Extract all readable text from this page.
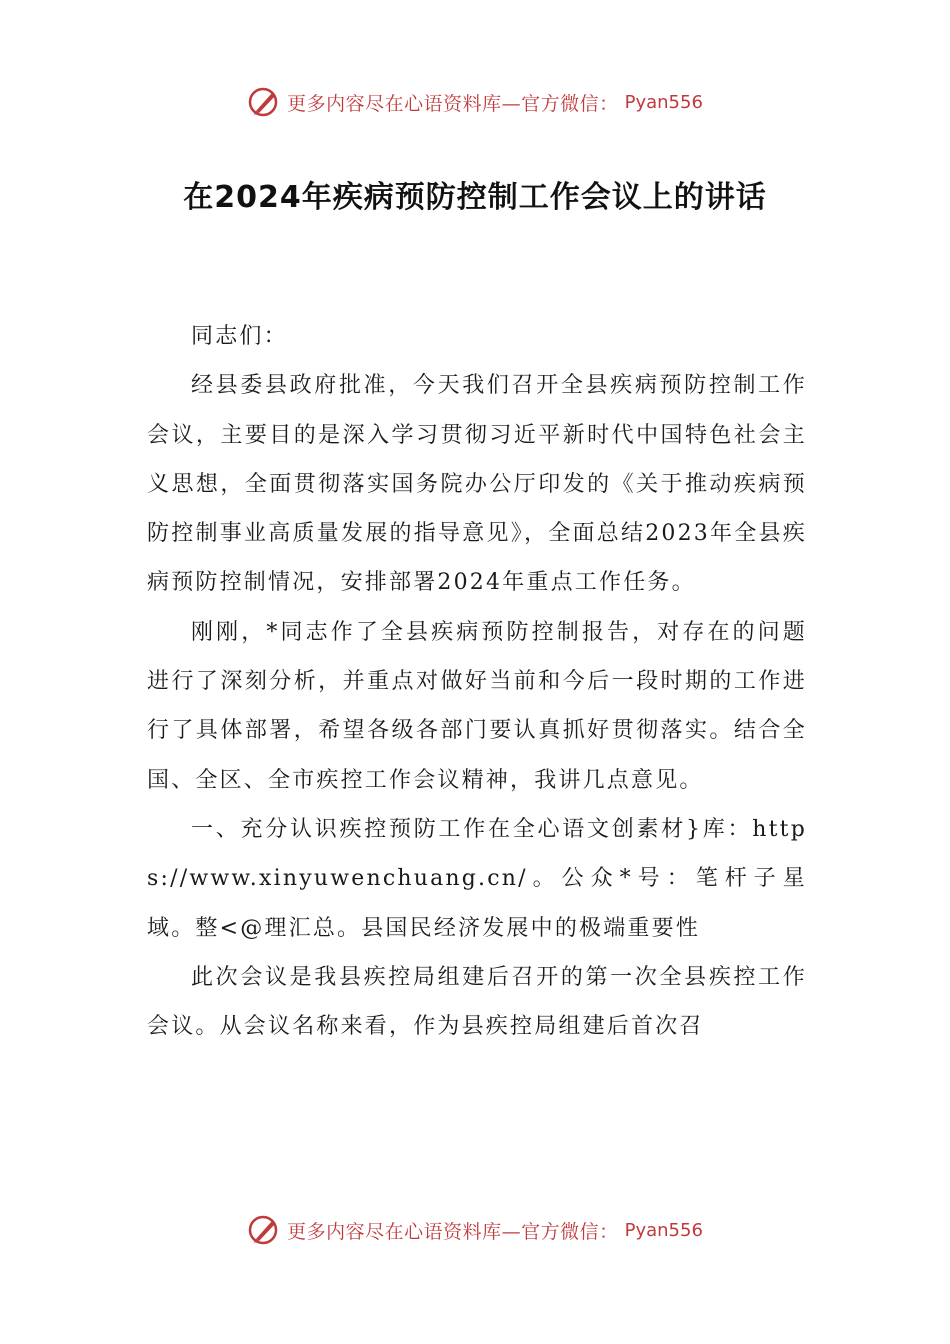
更多内容尽在心语资料库—官方微信： Pyan556
在2024年疾病预防控制工作会议上的讲话

同志们：

经县委县政府批准，今天我们召开全县疾病预防控制工作会议，主要目的是深入学习贯彻习近平新时代中国特色社会主义思想，全面贯彻落实国务院办公厅印发的《关于推动疾病预防控制事业高质量发展的指导意见》，全面总结2023年全县疾病预防控制情况，安排部署2024年重点工作任务。

刚刚，*同志作了全县疾病预防控制报告，对存在的问题进行了深刻分析，并重点对做好当前和今后一段时期的工作进行了具体部署，希望各级各部门要认真抓好贯彻落实。结合全国、全区、全市疾控工作会议精神，我讲几点意见。

一、充分认识疾控预防工作在全心语文创素材}库：https://www.xinyuwenchuang.cn/。公众*号：笔杆子星域。整<@理汇总。县国民经济发展中的极端重要性

此次会议是我县疾控局组建后召开的第一次全县疾控工作会议。从会议名称来看，作为县疾控局组建后首次召

更多内容尽在心语资料库—官方微信： Pyan556
